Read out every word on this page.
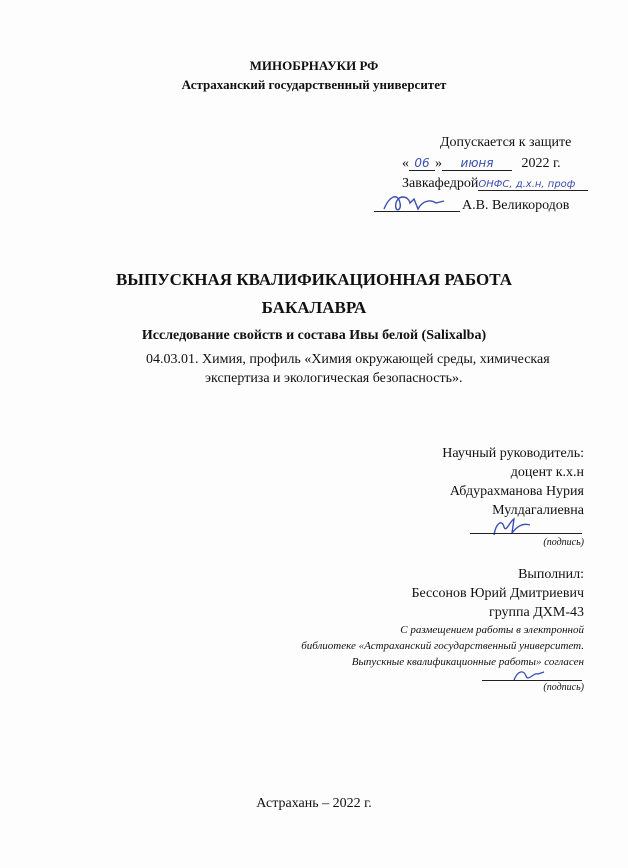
МИНОБРНАУКИ РФ
Астраханский государственный университет
Допускается к защите
« 06 » июня 2022 г.
ЗавкафедройОНФС, д.х.н, проф
А.В. Великородов
ВЫПУСКНАЯ КВАЛИФИКАЦИОННАЯ РАБОТА
БАКАЛАВРА
Исследование свойств и состава Ивы белой (Salixalba)
04.03.01. Химия, профиль «Химия окружающей среды, химическая
экспертиза и экологическая безопасность».
Научный руководитель:
доцент к.х.н
Абдурахманова Нурия
Мулдагалиевна
(подпись)
Выполнил:
Бессонов Юрий Дмитриевич
группа ДХМ-43
С размещением работы в электронной
библиотеке «Астраханский государственный университет.
Выпускные квалификационные работы» согласен
(подпись)
Астрахань – 2022 г.
